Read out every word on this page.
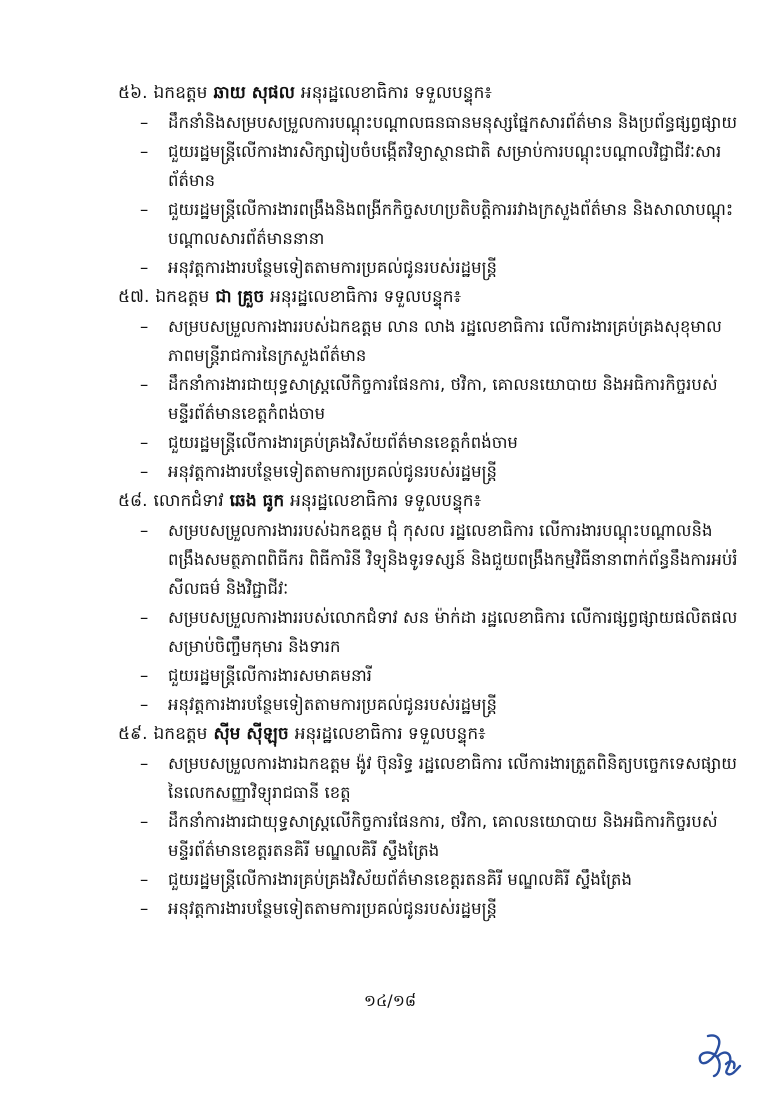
៥៦. ឯកឧត្តម ឆាយ សុផល អនុរដ្ឋលេខាធិការ ទទួលបន្ទុក៖
– ដឹកនាំនិងសម្របសម្រួលការបណ្តុះបណ្តាលធនធានមនុស្សផ្នែកសារព័ត៌មាន និងប្រព័ន្ធផ្សព្វផ្សាយ
– ជួយរដ្ឋមន្ត្រីលើការងារសិក្សារៀបចំបង្កើតវិទ្យាស្ថានជាតិ សម្រាប់ការបណ្តុះបណ្តាលវិជ្ជាជីវៈសារព័ត៌មាន
– ជួយរដ្ឋមន្ត្រីលើការងារពង្រឹងនិងពង្រីកកិច្ចសហប្រតិបត្តិការរវាងក្រសួងព័ត៌មាន និងសាលាបណ្តុះបណ្តាលសារព័ត៌មាននានា
– អនុវត្តការងារបន្ថែមទៀតតាមការប្រគល់ជូនរបស់រដ្ឋមន្ត្រី
៥៧. ឯកឧត្តម ជា គ្រួច អនុរដ្ឋលេខាធិការ ទទួលបន្ទុក៖
– សម្របសម្រួលការងាររបស់ឯកឧត្តម លាន លាង រដ្ឋលេខាធិការ លើការងារគ្រប់គ្រងសុខុមាលភាពមន្ត្រីរាជការនៃក្រសួងព័ត៌មាន
– ដឹកនាំការងារជាយុទ្ធសាស្ត្រលើកិច្ចការផែនការ, ថវិកា, គោលនយោបាយ និងអធិការកិច្ចរបស់មន្ទីរព័ត៌មានខេត្តកំពង់ចាម
– ជួយរដ្ឋមន្ត្រីលើការងារគ្រប់គ្រងវិស័យព័ត៌មានខេត្តកំពង់ចាម
– អនុវត្តការងារបន្ថែមទៀតតាមការប្រគល់ជូនរបស់រដ្ឋមន្ត្រី
៥៨. លោកជំទាវ ឆេង ធូក អនុរដ្ឋលេខាធិការ ទទួលបន្ទុក៖
– សម្របសម្រួលការងាររបស់ឯកឧត្តម ជុំ កុសល រដ្ឋលេខាធិការ លើការងារបណ្តុះបណ្តាលនិងពង្រឹងសមត្ថភាពពិធីករ ពិធីការិនី វិទ្យុនិងទូរទស្សន៍ និងជួយពង្រឹងកម្មវិធីនានាពាក់ព័ន្ធនឹងការអប់រំ សីលធម៌ និងវិជ្ជាជីវៈ
– សម្របសម្រួលការងាររបស់លោកជំទាវ សន ម៉ាក់ដា រដ្ឋលេខាធិការ លើការផ្សព្វផ្សាយផលិតផលសម្រាប់ចិញ្ចឹមកុមារ និងទារក
– ជួយរដ្ឋមន្ត្រីលើការងារសមាគមនារី
– អនុវត្តការងារបន្ថែមទៀតតាមការប្រគល់ជូនរបស់រដ្ឋមន្ត្រី
៥៩. ឯកឧត្តម ស៊ីម ស៊ីឡុច អនុរដ្ឋលេខាធិការ ទទួលបន្ទុក៖
– សម្របសម្រួលការងារឯកឧត្តម ង៉ូវ ប៊ុនរិទ្ធ រដ្ឋលេខាធិការ លើការងារត្រួតពិនិត្យបច្ចេកទេសផ្សាយនៃលេកសញ្ញាវិទ្យុរាជធានី ខេត្ត
– ដឹកនាំការងារជាយុទ្ធសាស្ត្រលើកិច្ចការផែនការ, ថវិកា, គោលនយោបាយ និងអធិការកិច្ចរបស់មន្ទីរព័ត៌មានខេត្តរតនគិរី មណ្ឌលគិរី ស្ទឹងត្រែង
– ជួយរដ្ឋមន្ត្រីលើការងារគ្រប់គ្រងវិស័យព័ត៌មានខេត្តរតនគិរី មណ្ឌលគិរី ស្ទឹងត្រែង
– អនុវត្តការងារបន្ថែមទៀតតាមការប្រគល់ជូនរបស់រដ្ឋមន្ត្រី
១៤/១៨
